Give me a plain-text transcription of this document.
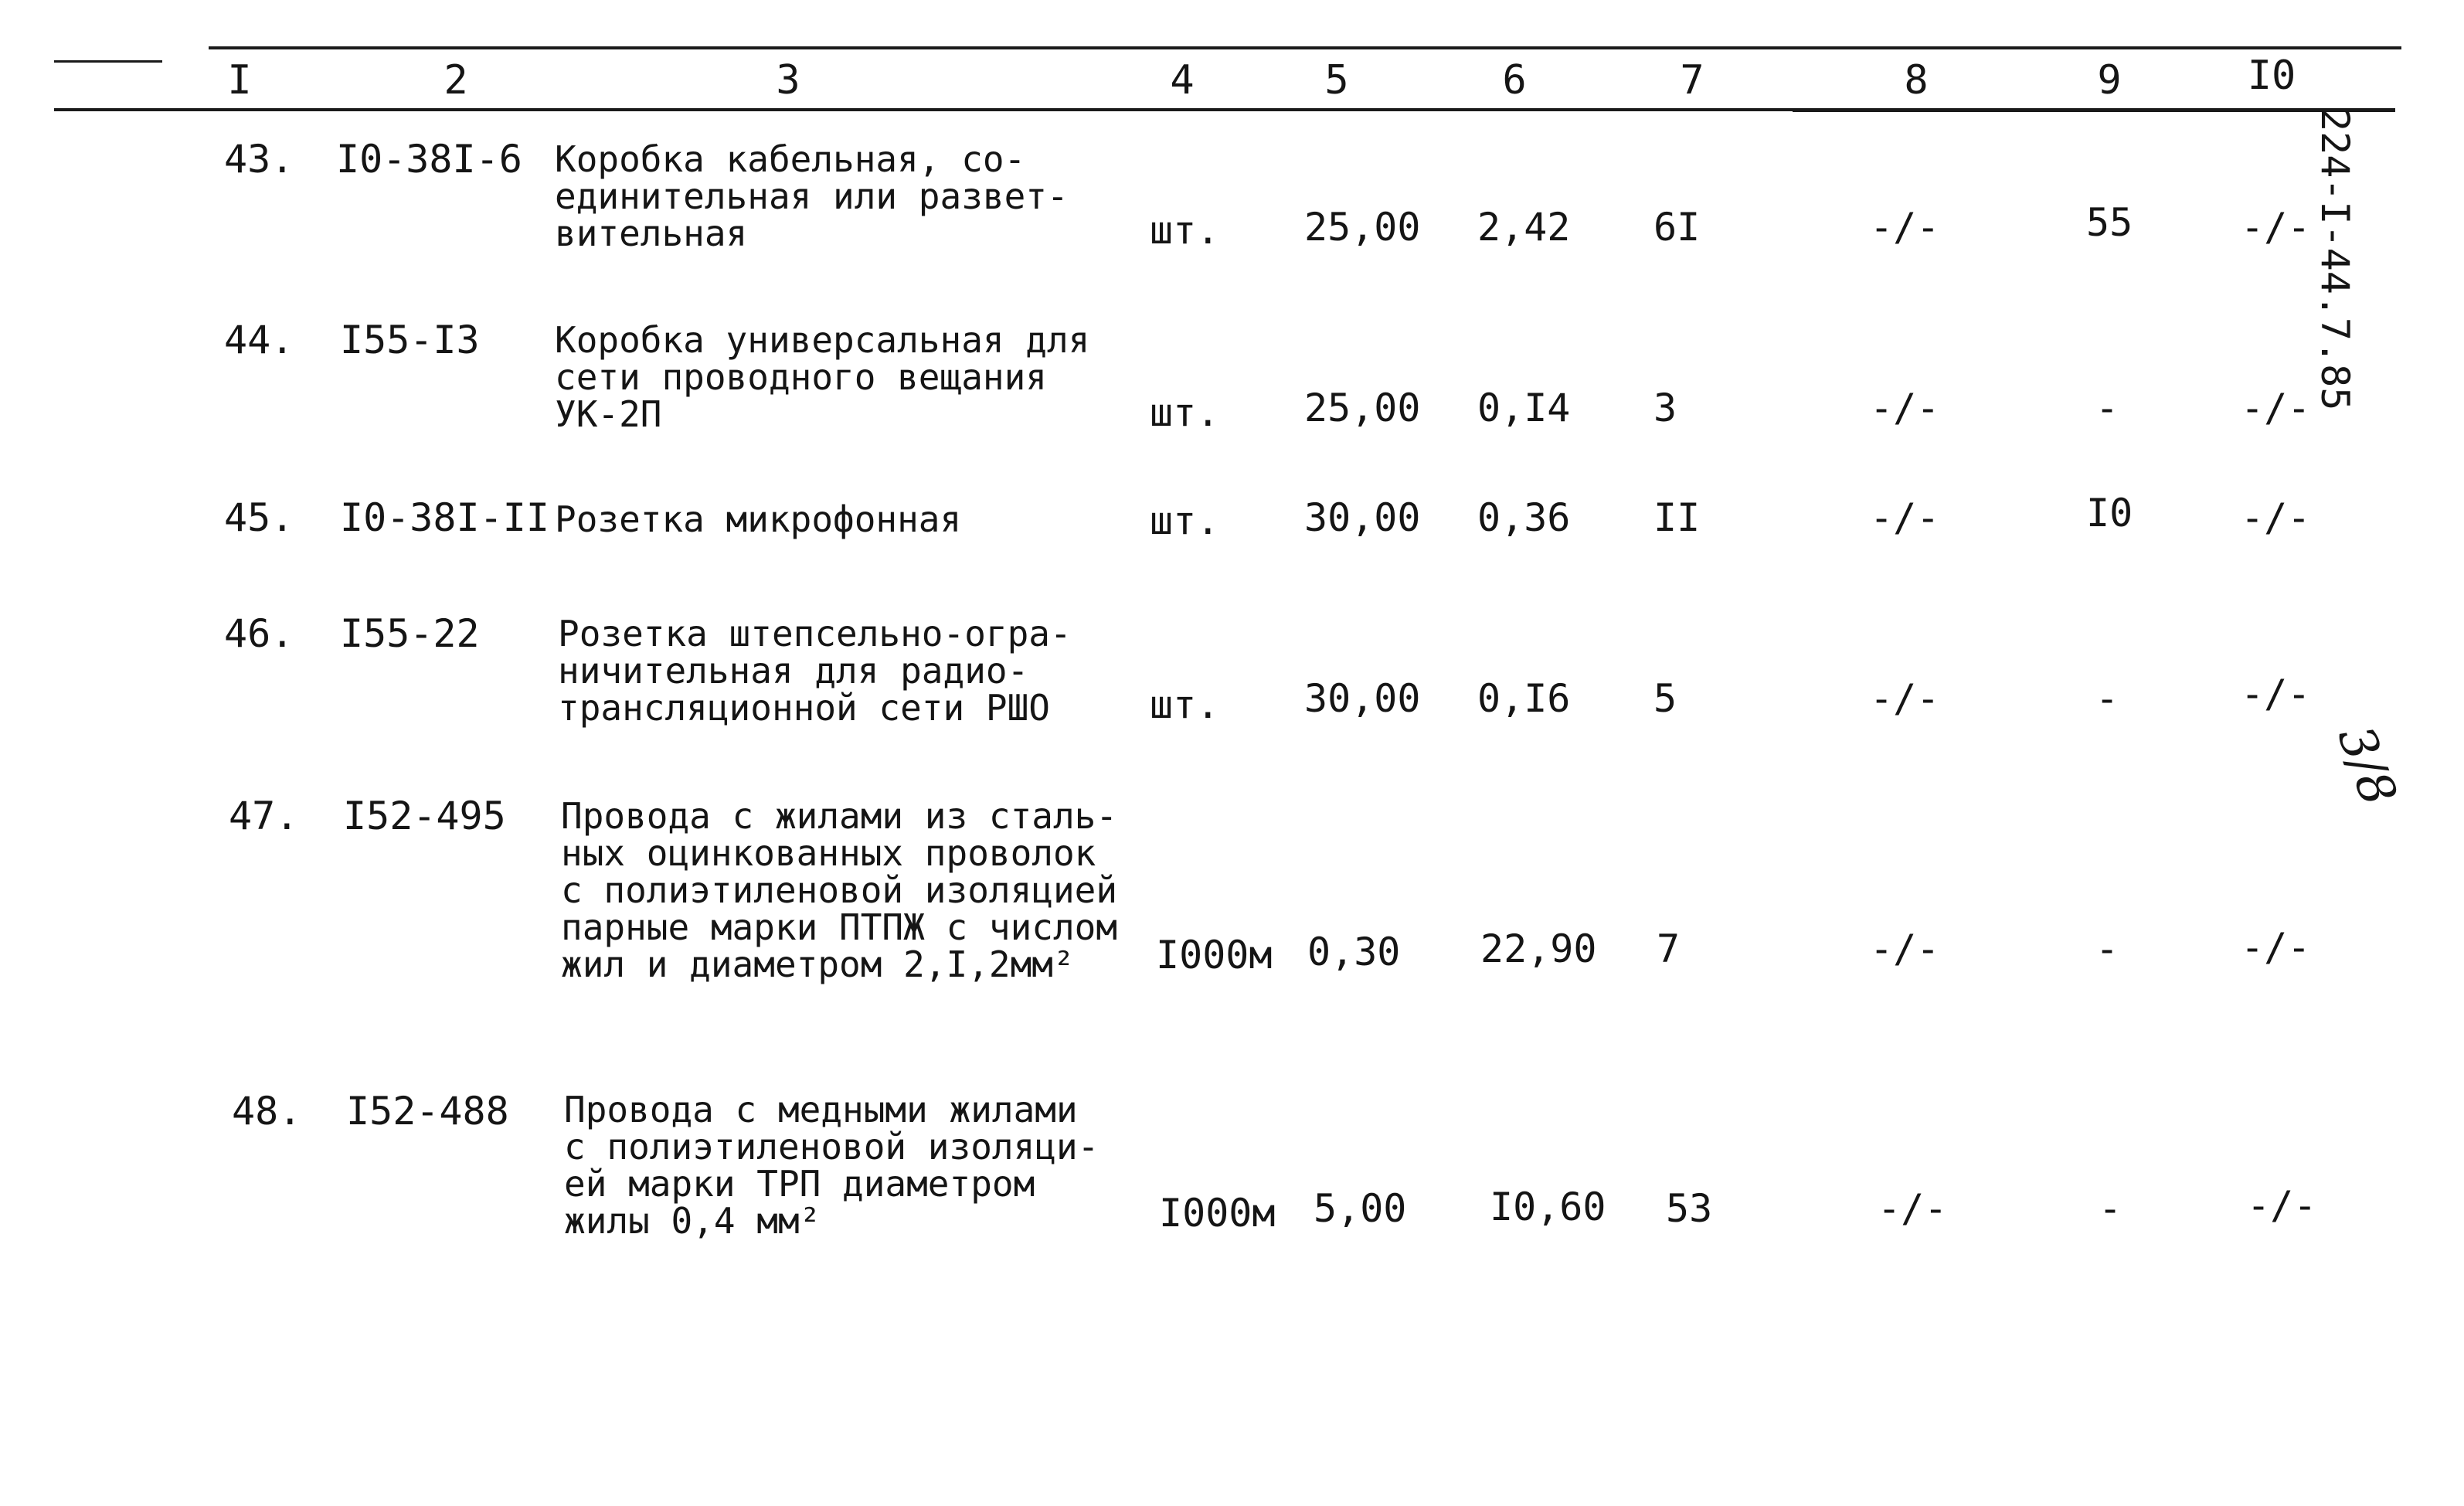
I	2	3	4	5	6	7	8	9	I0
43. I0-38I-6 Коробка кабельная, со-
единительная или развет-
вительная	шт. 25,00 2,42 6I	-/-	55	-/-
44. I55-I3 Коробка универсальная для
сети проводного вещания
УК-2П	шт. 25,00 0,I4 3	-/-	-	-/-
45. I0-38I-II Розетка микрофонная	шт. 30,00 0,36 II	-/-	I0	-/-
46. I55-22 Розетка штепсельно-огра-
ничительная для радио-
трансляционной сети РШО	шт. 30,00 0,I6 5	-/-	-	-/-
47. I52-495 Провода с жилами из сталь-
ных оцинкованных проволок
с полиэтиленовой изоляцией
парные марки ПТПЖ с числом
жил и диаметром 2,I,2мм²	I000м 0,30 22,90 7	-/-	-	-/-
48. I52-488 Провода с медными жилами
с полиэтиленовой изоляци-
ей марки ТРП диаметром
жилы 0,4 мм²	I000м 5,00 I0,60 53	-/-	-	-/-
224-I-44.7.85
3/8
